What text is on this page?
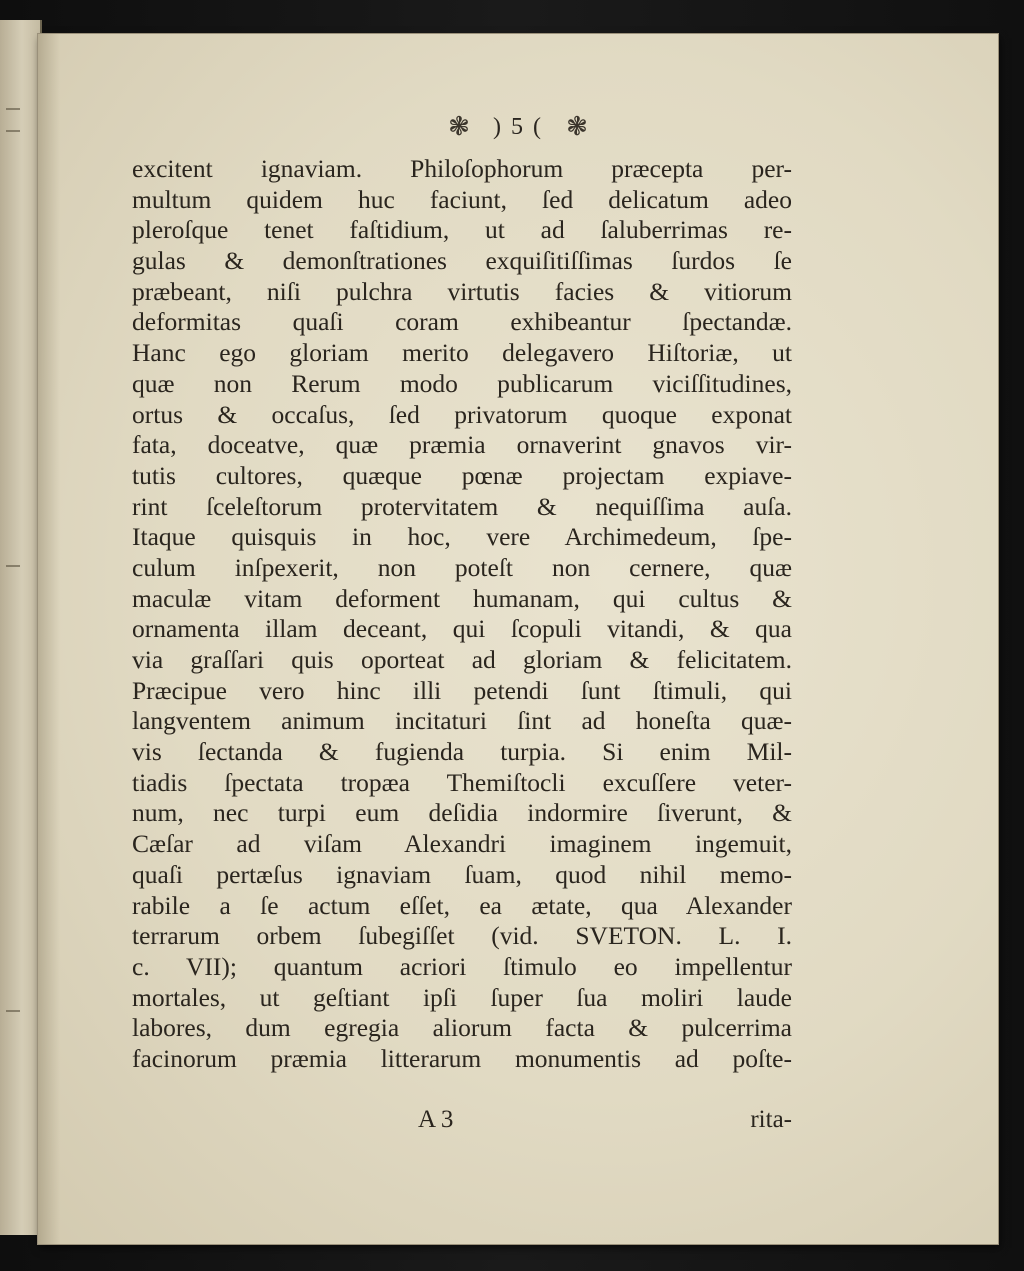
❃ ) 5 ( ❃
excitent ignaviam. Philoſophorum præcepta per-
multum quidem huc faciunt, ſed delicatum adeo
pleroſque tenet faſtidium, ut ad ſaluberrimas re-
gulas & demonſtrationes exquiſitiſſimas ſurdos ſe
præbeant, niſi pulchra virtutis facies & vitiorum
deformitas quaſi coram exhibeantur ſpectandæ.
Hanc ego gloriam merito delegavero Hiſtoriæ, ut
quæ non Rerum modo publicarum viciſſitudines,
ortus & occaſus, ſed privatorum quoque exponat
fata, doceatve, quæ præmia ornaverint gnavos vir-
tutis cultores, quæque pœnæ projectam expiave-
rint ſceleſtorum protervitatem & nequiſſima auſa.
Itaque quisquis in hoc, vere Archimedeum, ſpe-
culum inſpexerit, non poteſt non cernere, quæ
maculæ vitam deforment humanam, qui cultus &
ornamenta illam deceant, qui ſcopuli vitandi, & qua
via graſſari quis oporteat ad gloriam & felicitatem.
Præcipue vero hinc illi petendi ſunt ſtimuli, qui
langventem animum incitaturi ſint ad honeſta quæ-
vis ſectanda & fugienda turpia. Si enim Mil-
tiadis ſpectata tropæa Themiſtocli excuſſere veter-
num, nec turpi eum deſidia indormire ſiverunt, &
Cæſar ad viſam Alexandri imaginem ingemuit,
quaſi pertæſus ignaviam ſuam, quod nihil memo-
rabile a ſe actum eſſet, ea ætate, qua Alexander
terrarum orbem ſubegiſſet (vid. SVETON. L. I.
c. VII); quantum acriori ſtimulo eo impellentur
mortales, ut geſtiant ipſi ſuper ſua moliri laude
labores, dum egregia aliorum facta & pulcerrima
facinorum præmia litterarum monumentis ad poſte-
A 3	rita-
